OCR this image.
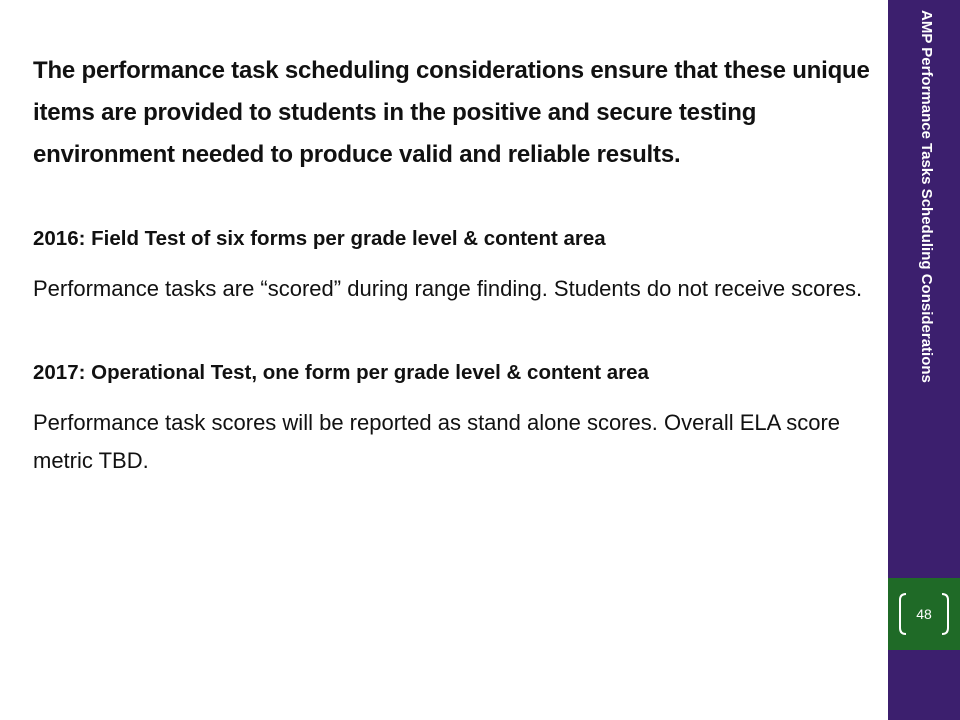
The performance task scheduling considerations ensure that these unique items are provided to students in the positive and secure testing environment needed to produce valid and reliable results.

2016: Field Test of six forms per grade level & content area

Performance tasks are “scored” during range finding. Students do not receive scores.

2017: Operational Test, one form per grade level & content area

Performance task scores will be reported as stand alone scores. Overall ELA score metric TBD.

AMP Performance Tasks Scheduling Considerations
48
